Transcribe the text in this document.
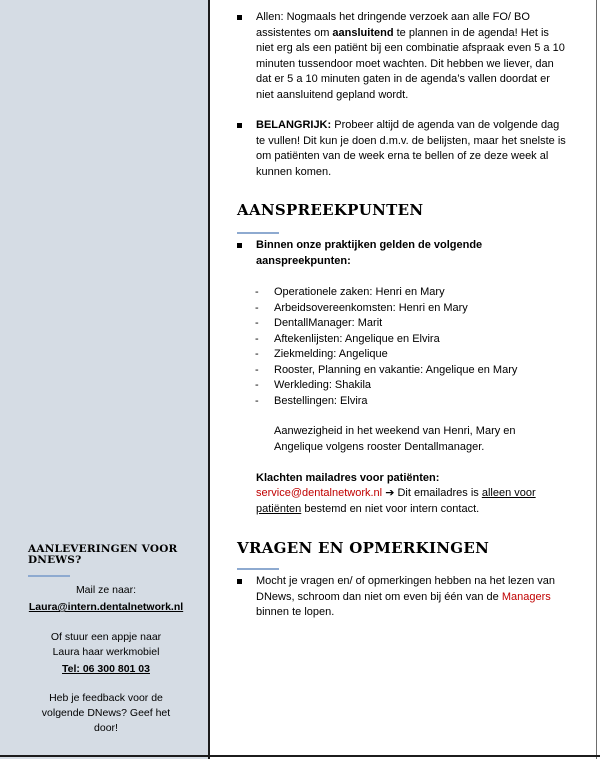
AANLEVERINGEN VOOR DNEWS?
Mail ze naar:
Laura@intern.dentalnetwork.nl
Of stuur een appje naar
Laura haar werkmobiel
Tel: 06 300 801 03
Heb je feedback voor de
volgende DNews? Geef het
door!
Allen: Nogmaals het dringende verzoek aan alle FO/ BO assistentes om aansluitend te plannen in de agenda! Het is niet erg als een patiënt bij een combinatie afspraak even 5 a 10 minuten tussendoor moet wachten. Dit hebben we liever, dan dat er 5 a 10 minuten gaten in de agenda’s vallen doordat er niet aansluitend gepland wordt.
BELANGRIJK: Probeer altijd de agenda van de volgende dag te vullen! Dit kun je doen d.m.v. de belijsten, maar het snelste is om patiënten van de week erna te bellen of ze deze week al kunnen komen.
AANSPREEKPUNTEN
Binnen onze praktijken gelden de volgende aanspreekpunten:
- Operationele zaken: Henri en Mary
- Arbeidsovereenkomsten: Henri en Mary
- DentallManager: Marit
- Aftekenlijsten: Angelique en Elvira
- Ziekmelding: Angelique
- Rooster, Planning en vakantie: Angelique en Mary
- Werkleding: Shakila
- Bestellingen: Elvira
Aanwezigheid in het weekend van Henri, Mary en
Angelique volgens rooster Dentallmanager.
Klachten mailadres voor patiënten:
service@dentalnetwork.nl ➔ Dit emailadres is alleen voor
patiënten bestemd en niet voor intern contact.
VRAGEN EN OPMERKINGEN
Mocht je vragen en/ of opmerkingen hebben na het lezen van DNews, schroom dan niet om even bij één van de Managers binnen te lopen.
